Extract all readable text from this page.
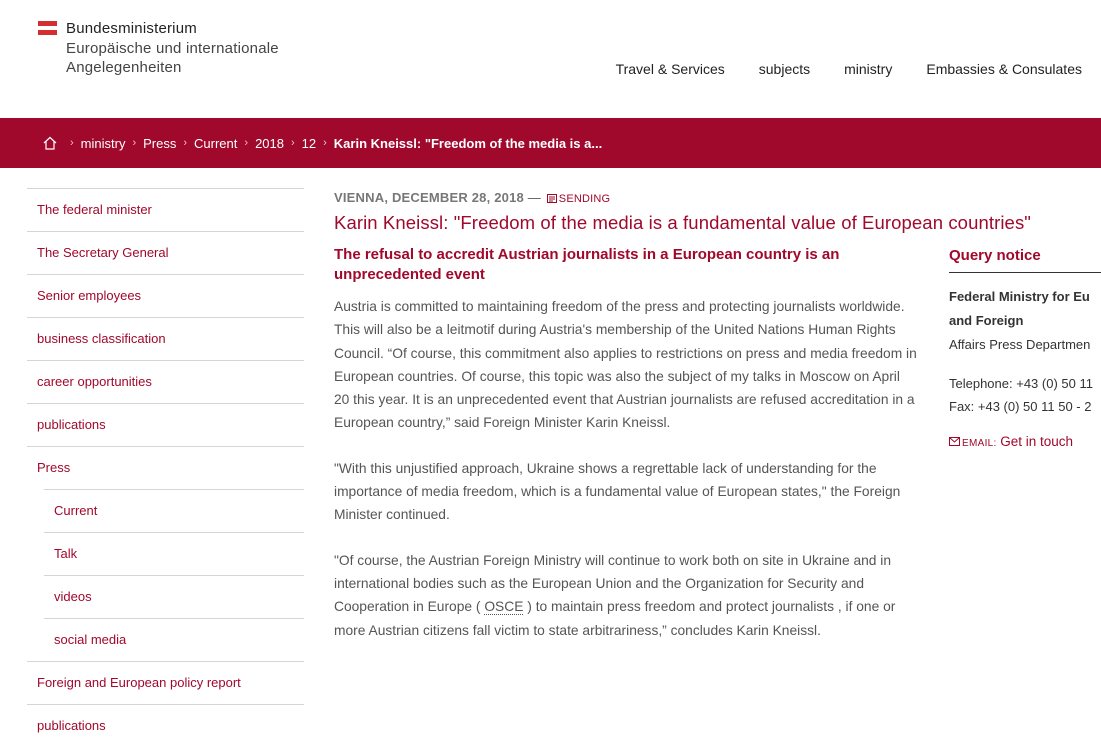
Bundesministerium
Europäische und internationale
Angelegenheiten	Travel & Services subjects ministry Embassies & Consulates
› ministry › Press › Current › 2018 › 12 › Karin Kneissl: "Freedom of the media is a...
The federal minister
The Secretary General
Senior employees
business classification
career opportunities
publications
Press
Current
Talk
videos
social media
Foreign and European policy report
publications
VIENNA, DECEMBER 28, 2018 — SENDING
Karin Kneissl: "Freedom of the media is a fundamental value of European countries"
The refusal to accredit Austrian journalists in a European country is an unprecedented event

Austria is committed to maintaining freedom of the press and protecting journalists worldwide. This will also be a leitmotif during Austria's membership of the United Nations Human Rights Council. “Of course, this commitment also applies to restrictions on press and media freedom in European countries. Of course, this topic was also the subject of my talks in Moscow on April 20 this year. It is an unprecedented event that Austrian journalists are refused accreditation in a European country,” said Foreign Minister Karin Kneissl.

"With this unjustified approach, Ukraine shows a regrettable lack of understanding for the importance of media freedom, which is a fundamental value of European states," the Foreign Minister continued.

"Of course, the Austrian Foreign Ministry will continue to work both on site in Ukraine and in international bodies such as the European Union and the Organization for Security and Cooperation in Europe ( OSCE ) to maintain press freedom and protect journalists , if one or more Austrian citizens fall victim to state arbitrariness,” concludes Karin Kneissl.

Query notice
Federal Ministry for Eu
and Foreign
Affairs Press Departmen
Telephone: +43 (0) 50 11
Fax: +43 (0) 50 11 50 - 2
EMAIL: Get in touch
